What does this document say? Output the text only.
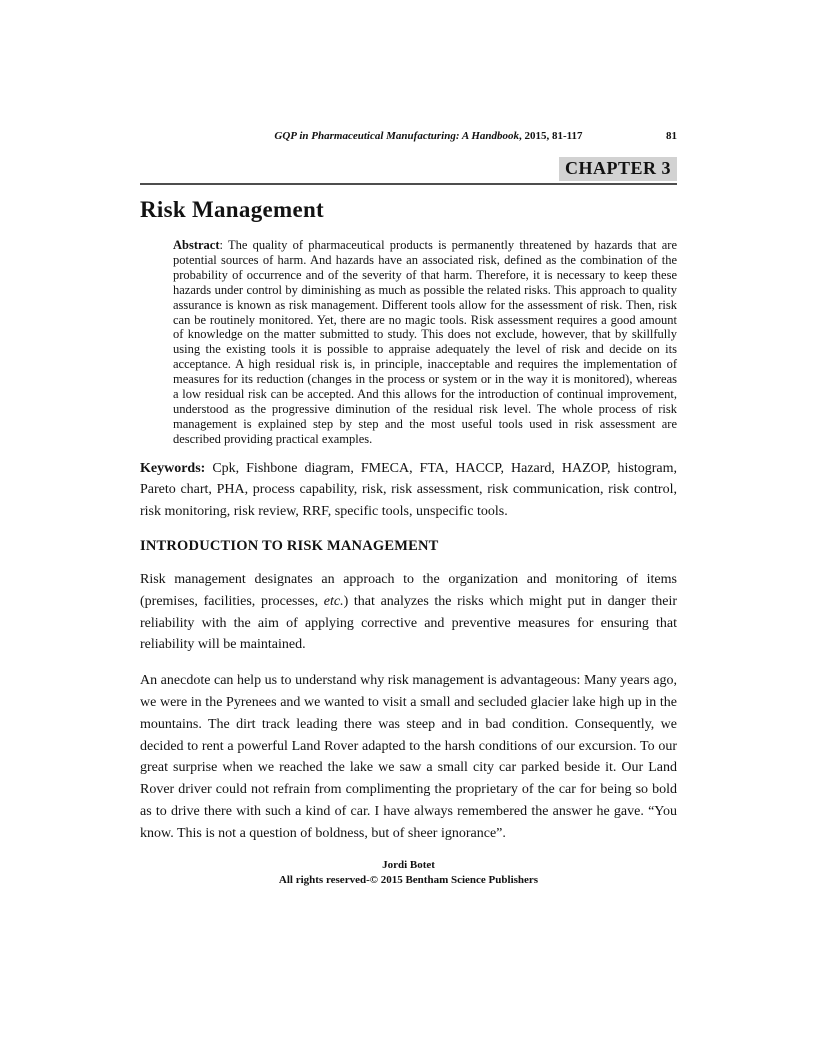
GQP in Pharmaceutical Manufacturing: A Handbook, 2015, 81-117	81
CHAPTER 3
Risk Management

Abstract: The quality of pharmaceutical products is permanently threatened by hazards that are potential sources of harm. And hazards have an associated risk, defined as the combination of the probability of occurrence and of the severity of that harm. Therefore, it is necessary to keep these hazards under control by diminishing as much as possible the related risks. This approach to quality assurance is known as risk management. Different tools allow for the assessment of risk. Then, risk can be routinely monitored. Yet, there are no magic tools. Risk assessment requires a good amount of knowledge on the matter submitted to study. This does not exclude, however, that by skillfully using the existing tools it is possible to appraise adequately the level of risk and decide on its acceptance. A high residual risk is, in principle, inacceptable and requires the implementation of measures for its reduction (changes in the process or system or in the way it is monitored), whereas a low residual risk can be accepted. And this allows for the introduction of continual improvement, understood as the progressive diminution of the residual risk level. The whole process of risk management is explained step by step and the most useful tools used in risk assessment are described providing practical examples.

Keywords: Cpk, Fishbone diagram, FMECA, FTA, HACCP, Hazard, HAZOP, histogram, Pareto chart, PHA, process capability, risk, risk assessment, risk communication, risk control, risk monitoring, risk review, RRF, specific tools, unspecific tools.

INTRODUCTION TO RISK MANAGEMENT

Risk management designates an approach to the organization and monitoring of items (premises, facilities, processes, etc.) that analyzes the risks which might put in danger their reliability with the aim of applying corrective and preventive measures for ensuring that reliability will be maintained.

An anecdote can help us to understand why risk management is advantageous: Many years ago, we were in the Pyrenees and we wanted to visit a small and secluded glacier lake high up in the mountains. The dirt track leading there was steep and in bad condition. Consequently, we decided to rent a powerful Land Rover adapted to the harsh conditions of our excursion. To our great surprise when we reached the lake we saw a small city car parked beside it. Our Land Rover driver could not refrain from complimenting the proprietary of the car for being so bold as to drive there with such a kind of car. I have always remembered the answer he gave. “You know. This is not a question of boldness, but of sheer ignorance”.

Jordi Botet
All rights reserved-© 2015 Bentham Science Publishers
